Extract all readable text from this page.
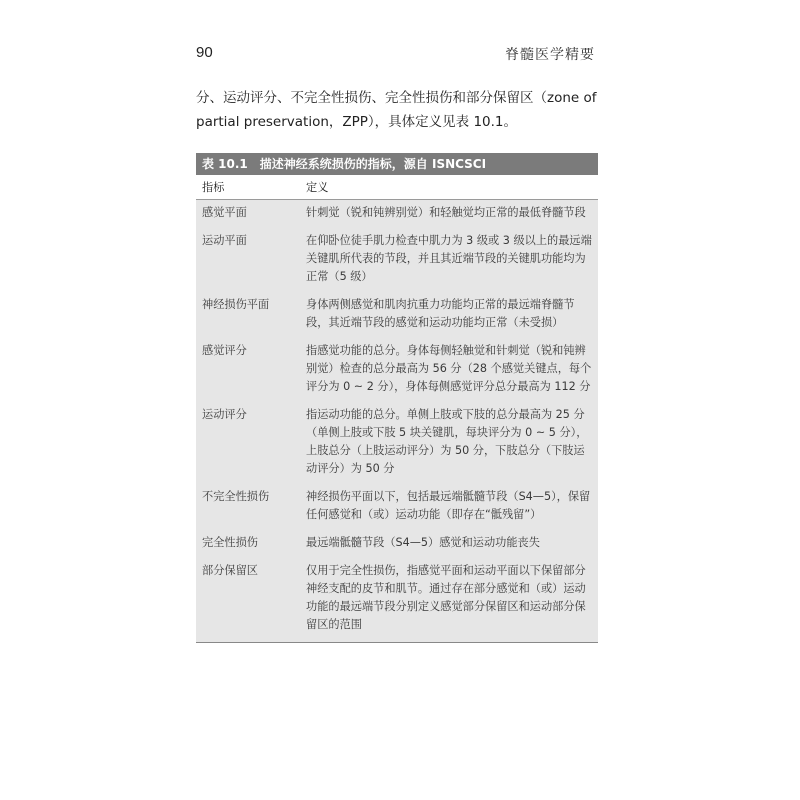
90	脊髓医学精要

分、运动评分、不完全性损伤、完全性损伤和部分保留区（zone of partial preservation，ZPP），具体定义见表 10.1。

表 10.1 描述神经系统损伤的指标，源自 ISNCSCI
指标	定义
感觉平面	针刺觉（锐和钝辨别觉）和轻触觉均正常的最低脊髓节段
运动平面	在仰卧位徒手肌力检查中肌力为 3 级或 3 级以上的最远端关键肌所代表的节段，并且其近端节段的关键肌功能均为正常（5 级）
神经损伤平面	身体两侧感觉和肌肉抗重力功能均正常的最远端脊髓节段，其近端节段的感觉和运动功能均正常（未受损）
感觉评分	指感觉功能的总分。身体每侧轻触觉和针刺觉（锐和钝辨别觉）检查的总分最高为 56 分（28 个感觉关键点，每个评分为 0 ~ 2 分），身体每侧感觉评分总分最高为 112 分
运动评分	指运动功能的总分。单侧上肢或下肢的总分最高为 25 分（单侧上肢或下肢 5 块关键肌，每块评分为 0 ~ 5 分），上肢总分（上肢运动评分）为 50 分，下肢总分（下肢运动评分）为 50 分
不完全性损伤	神经损伤平面以下，包括最远端骶髓节段（S4—5），保留任何感觉和（或）运动功能（即存在“骶残留”）
完全性损伤	最远端骶髓节段（S4—5）感觉和运动功能丧失
部分保留区	仅用于完全性损伤，指感觉平面和运动平面以下保留部分神经支配的皮节和肌节。通过存在部分感觉和（或）运动功能的最远端节段分别定义感觉部分保留区和运动部分保留区的范围
